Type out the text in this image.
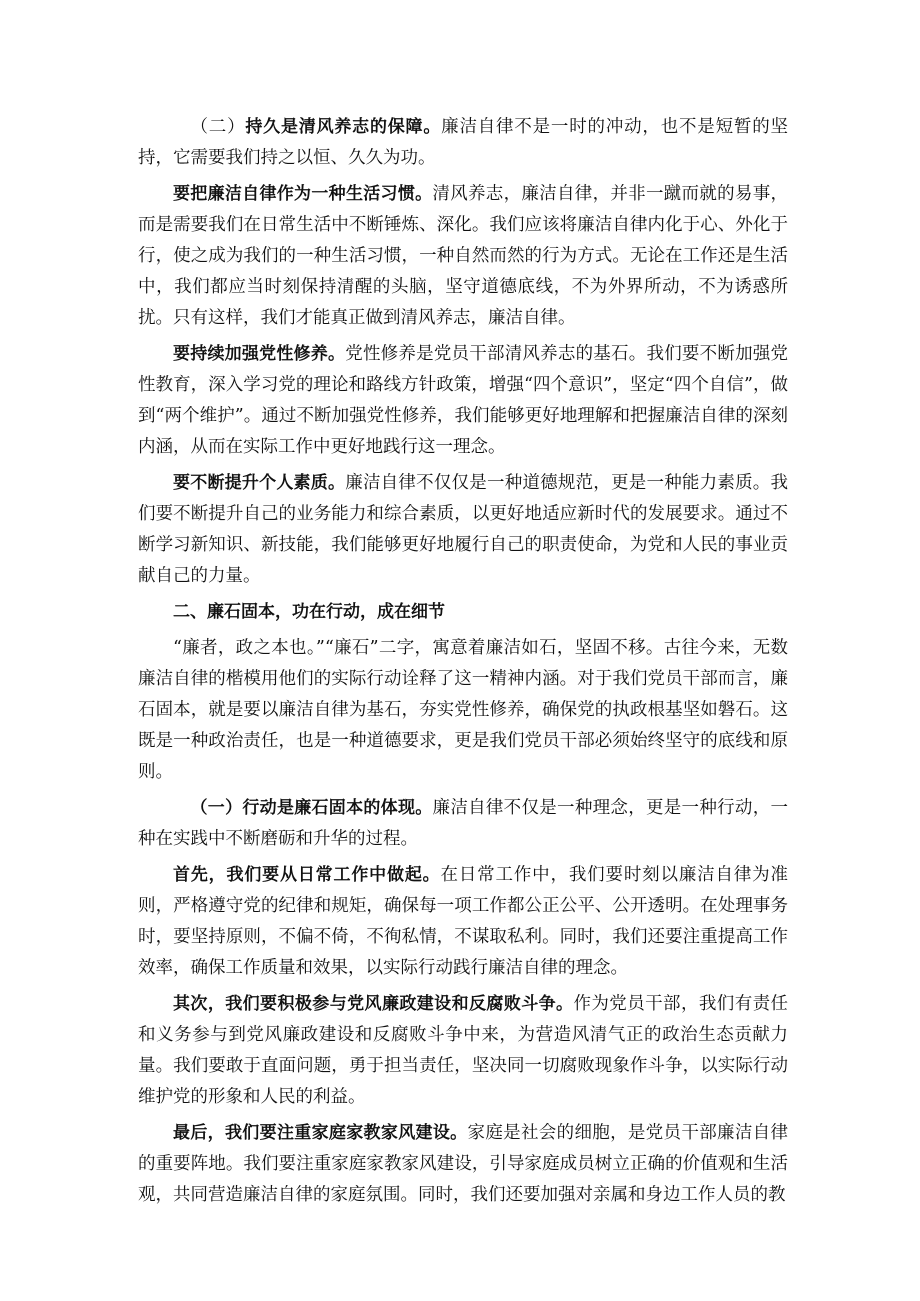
（二）持久是清风养志的保障。廉洁自律不是一时的冲动，也不是短暂的坚持，它需要我们持之以恒、久久为功。

要把廉洁自律作为一种生活习惯。清风养志，廉洁自律，并非一蹴而就的易事，而是需要我们在日常生活中不断锤炼、深化。我们应该将廉洁自律内化于心、外化于行，使之成为我们的一种生活习惯，一种自然而然的行为方式。无论在工作还是生活中，我们都应当时刻保持清醒的头脑，坚守道德底线，不为外界所动，不为诱惑所扰。只有这样，我们才能真正做到清风养志，廉洁自律。

要持续加强党性修养。党性修养是党员干部清风养志的基石。我们要不断加强党性教育，深入学习党的理论和路线方针政策，增强“四个意识”，坚定“四个自信”，做到“两个维护”。通过不断加强党性修养，我们能够更好地理解和把握廉洁自律的深刻内涵，从而在实际工作中更好地践行这一理念。

要不断提升个人素质。廉洁自律不仅仅是一种道德规范，更是一种能力素质。我们要不断提升自己的业务能力和综合素质，以更好地适应新时代的发展要求。通过不断学习新知识、新技能，我们能够更好地履行自己的职责使命，为党和人民的事业贡献自己的力量。

二、廉石固本，功在行动，成在细节

“廉者，政之本也。”“廉石”二字，寓意着廉洁如石，坚固不移。古往今来，无数廉洁自律的楷模用他们的实际行动诠释了这一精神内涵。对于我们党员干部而言，廉石固本，就是要以廉洁自律为基石，夯实党性修养，确保党的执政根基坚如磐石。这既是一种政治责任，也是一种道德要求，更是我们党员干部必须始终坚守的底线和原则。

（一）行动是廉石固本的体现。廉洁自律不仅是一种理念，更是一种行动，一种在实践中不断磨砺和升华的过程。

首先，我们要从日常工作中做起。在日常工作中，我们要时刻以廉洁自律为准则，严格遵守党的纪律和规矩，确保每一项工作都公正公平、公开透明。在处理事务时，要坚持原则，不偏不倚，不徇私情，不谋取私利。同时，我们还要注重提高工作效率，确保工作质量和效果，以实际行动践行廉洁自律的理念。

其次，我们要积极参与党风廉政建设和反腐败斗争。作为党员干部，我们有责任和义务参与到党风廉政建设和反腐败斗争中来，为营造风清气正的政治生态贡献力量。我们要敢于直面问题，勇于担当责任，坚决同一切腐败现象作斗争，以实际行动维护党的形象和人民的利益。

最后，我们要注重家庭家教家风建设。家庭是社会的细胞，是党员干部廉洁自律的重要阵地。我们要注重家庭家教家风建设，引导家庭成员树立正确的价值观和生活观，共同营造廉洁自律的家庭氛围。同时，我们还要加强对亲属和身边工作人员的教
